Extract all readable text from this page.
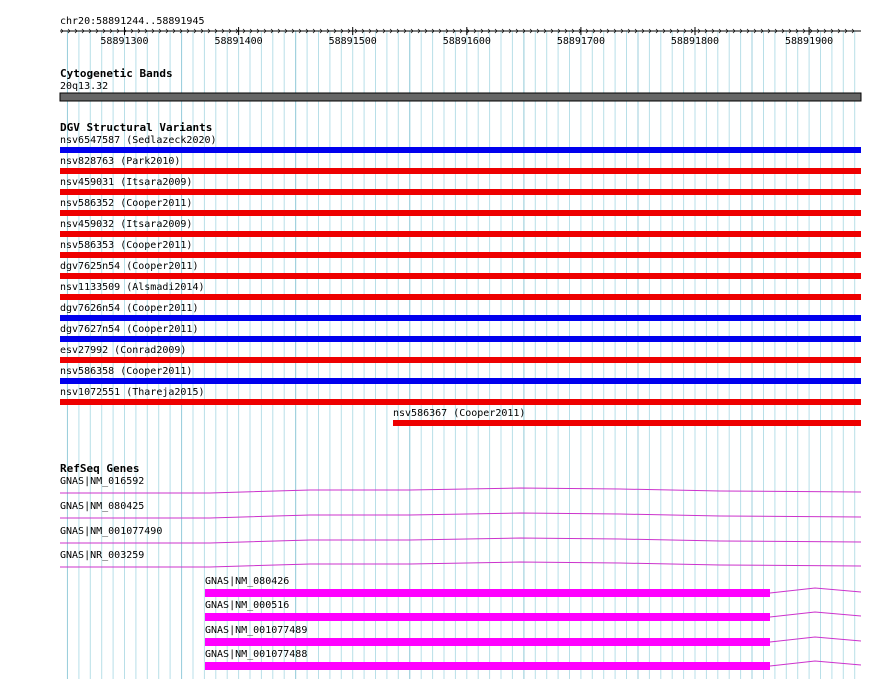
chr20:58891244..58891945
58891300	58891400	58891500	58891600	58891700	58891800	58891900
Cytogenetic Bands
20q13.32
DGV Structural Variants
nsv6547587 (Sedlazeck2020)
nsv828763 (Park2010)
nsv459031 (Itsara2009)
nsv586352 (Cooper2011)
nsv459032 (Itsara2009)
nsv586353 (Cooper2011)
dgv7625n54 (Cooper2011)
nsv1133509 (Alsmadi2014)
dgv7626n54 (Cooper2011)
dgv7627n54 (Cooper2011)
esv27992 (Conrad2009)
nsv586358 (Cooper2011)
nsv1072551 (Thareja2015)
nsv586367 (Cooper2011)
RefSeq Genes
GNAS|NM_016592
GNAS|NM_080425
GNAS|NM_001077490
GNAS|NR_003259
GNAS|NM_080426
GNAS|NM_000516
GNAS|NM_001077489
GNAS|NM_001077488
